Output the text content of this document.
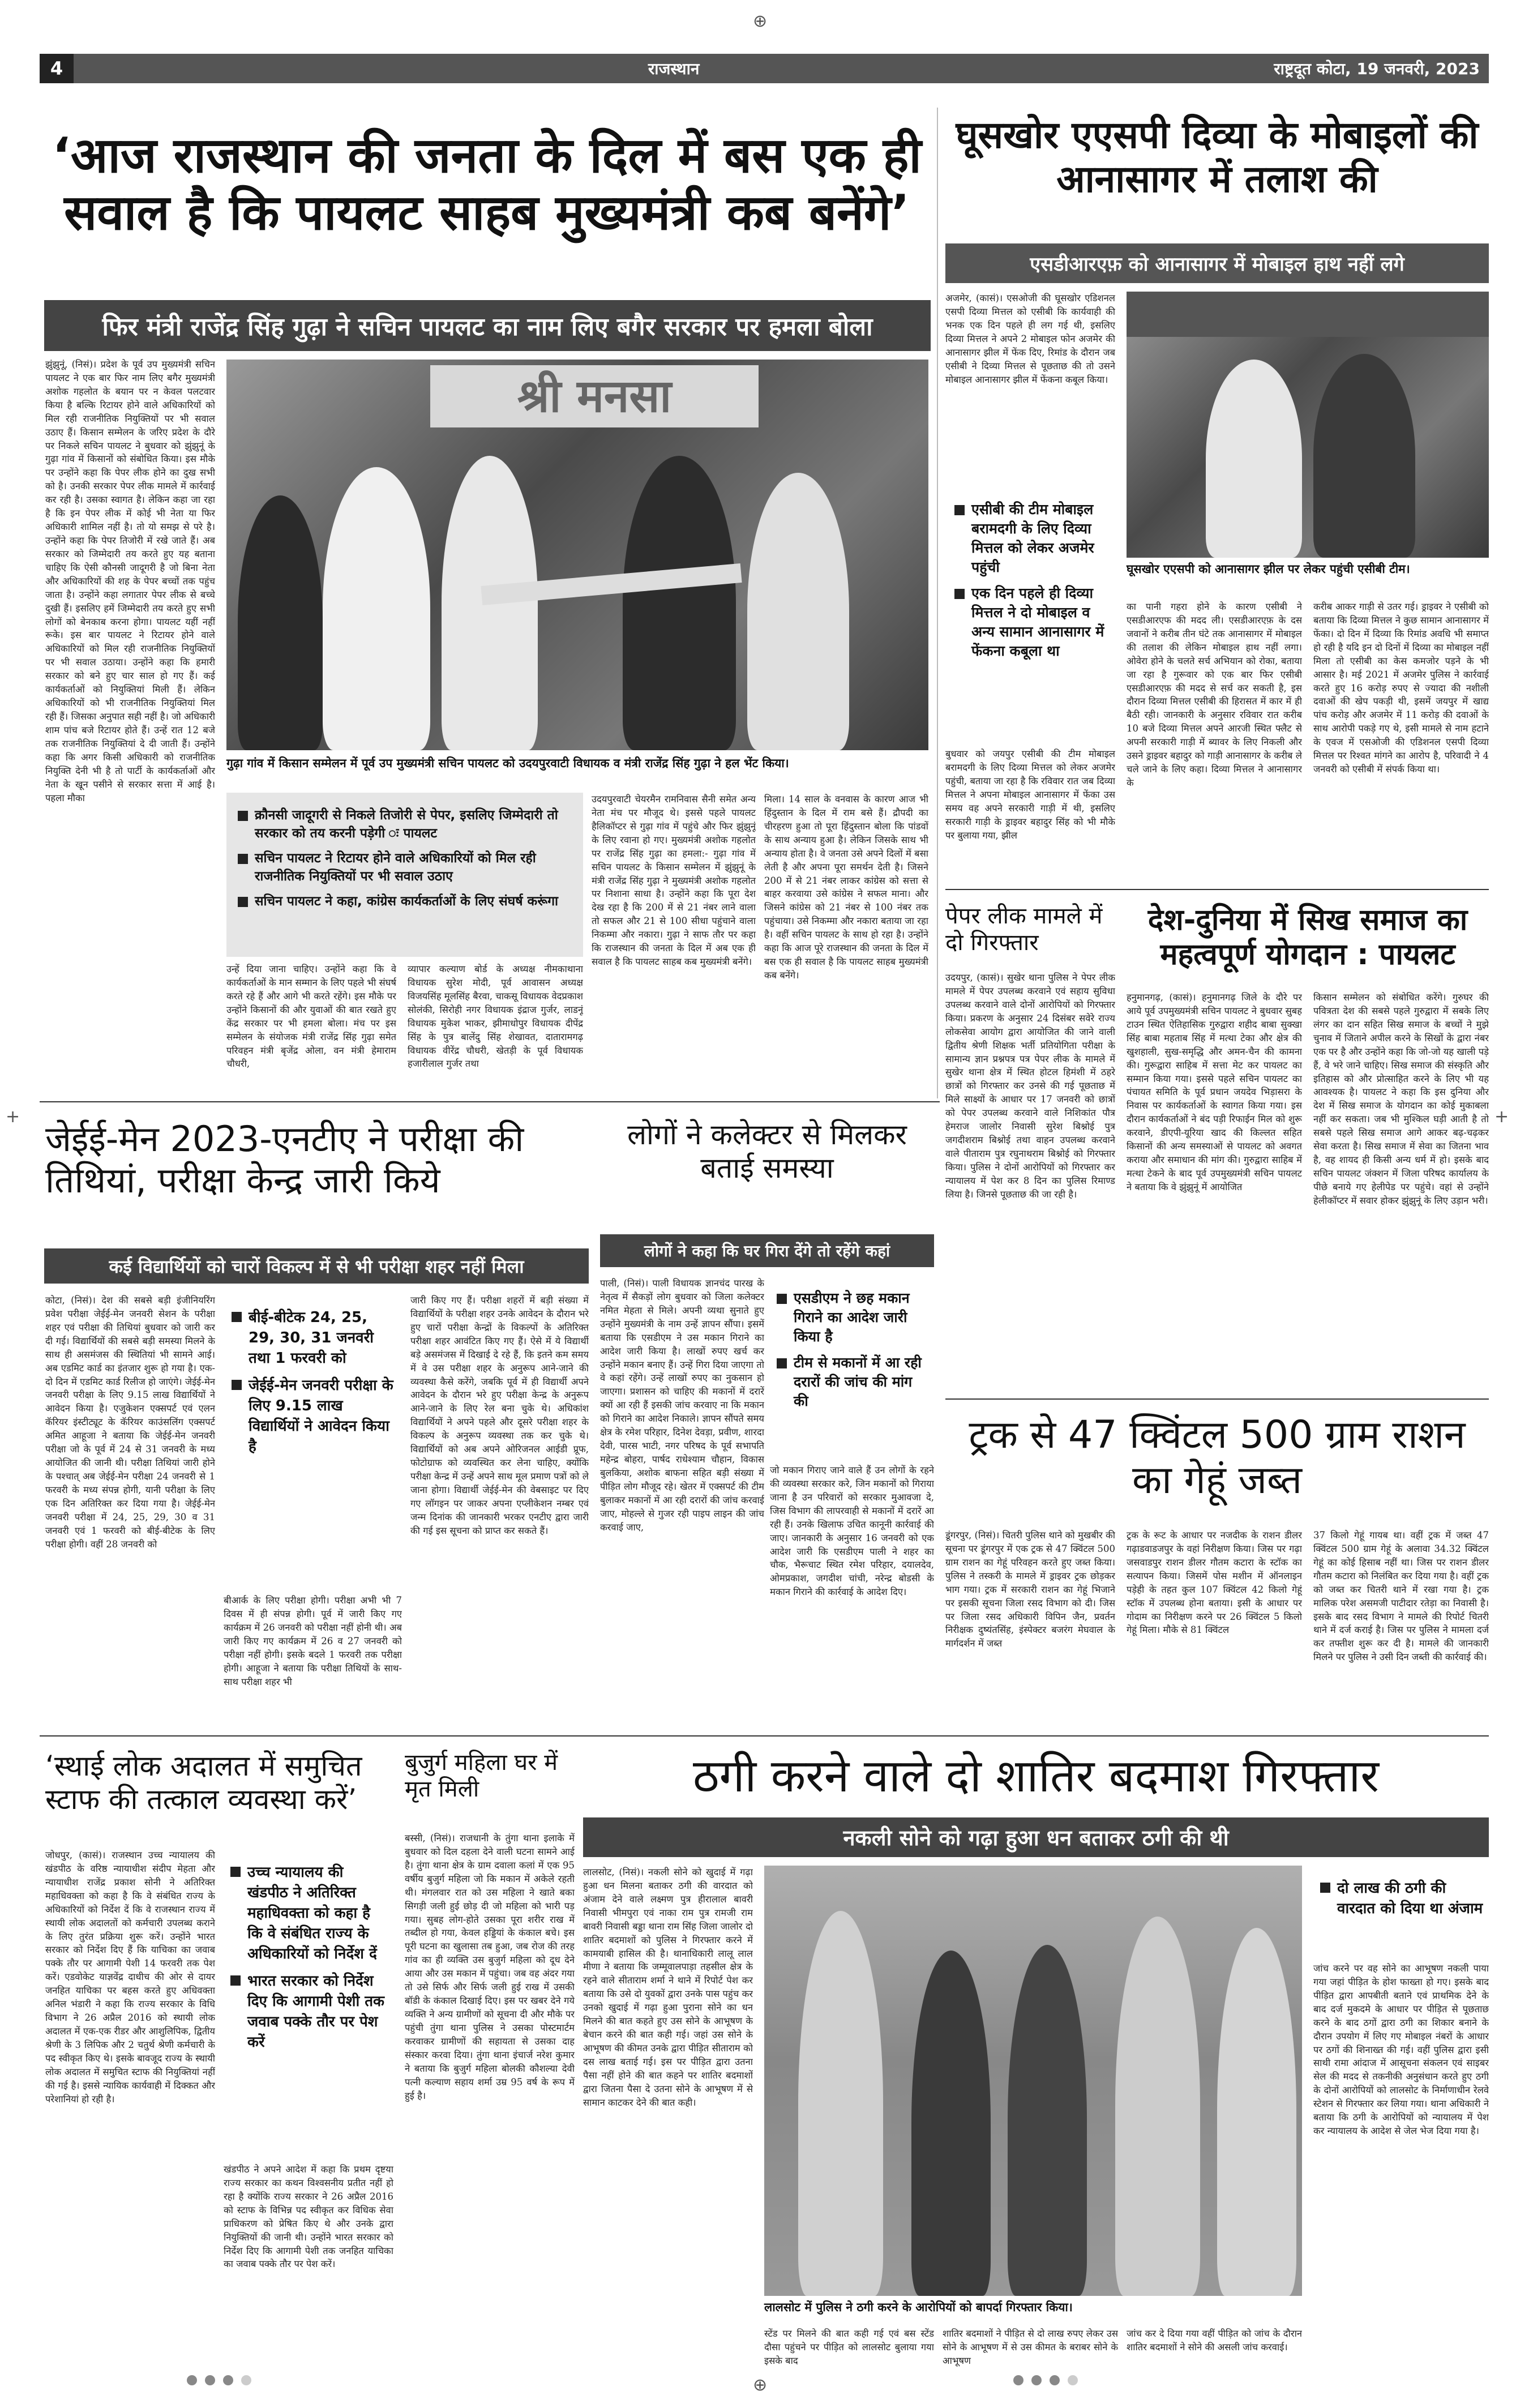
⊕
⊕
+	+
4	राजस्थान	राष्ट्रदूत कोटा, 19 जनवरी, 2023
‘आज राजस्थान की जनता के दिल में बस एक ही सवाल है कि पायलट साहब मुख्यमंत्री कब बनेंगे’
फिर मंत्री राजेंद्र सिंह गुढ़ा ने सचिन पायलट का नाम लिए बगैर सरकार पर हमला बोला
झुंझुनूं, (निसं)। प्रदेश के पूर्व उप मुख्यमंत्री सचिन पायलट ने एक बार फिर नाम लिए बगैर मुख्यमंत्री अशोक गहलोत के बयान पर न केवल पलटवार किया है बल्कि रिटायर होने वाले अधिकारियों को मिल रही राजनीतिक नियुक्तियों पर भी सवाल उठाए हैं। किसान सम्मेलन के जरिए प्रदेश के दौरे पर निकले सचिन पायलट ने बुधवार को झुंझुनूं के गुढ़ा गांव में किसानों को संबोधित किया। इस मौके पर उन्होंने कहा कि पेपर लीक होने का दुख सभी को है। उनकी सरकार पेपर लीक मामले में कार्रवाई कर रही है। उसका स्वागत है। लेकिन कहा जा रहा है कि इन पेपर लीक में कोई भी नेता या फिर अधिकारी शामिल नहीं है। तो यो समझ से परे है। उन्होंने कहा कि पेपर तिजोरी में रखे जाते हैं। अब सरकार को जिम्मेदारी तय करते हुए यह बताना चाहिए कि ऐसी कौनसी जादूगरी है जो बिना नेता और अधिकारियों की शह के पेपर बच्चों तक पहुंच जाता है। उन्होंने कहा लगातार पेपर लीक से बच्चे दुखी हैं। इसलिए हमें जिम्मेदारी तय करते हुए सभी लोगों को बेनकाब करना होगा। पायलट यहीं नहीं रूके। इस बार पायलट ने रिटायर होने वाले अधिकारियों को मिल रही राजनीतिक नियुक्तियों पर भी सवाल उठाया। उन्होंने कहा कि हमारी सरकार को बने हुए चार साल हो गए हैं। कई कार्यकर्ताओं को नियुक्तियां मिली हैं। लेकिन अधिकारियों को भी राजनीतिक नियुक्तियां मिल रही हैं। जिसका अनुपात सही नहीं है। जो अधिकारी शाम पांच बजे रिटायर होते हैं। उन्हें रात 12 बजे तक राजनीतिक नियुक्तियां दे दी जाती हैं। उन्होंने कहा कि अगर किसी अधिकारी को राजनीतिक नियुक्ति देनी भी है तो पार्टी के कार्यकर्ताओं और नेता के खून पसीने से सरकार सत्ता में आई है। पहला मौका
श्री मनसा
गुढ़ा गांव में किसान सम्मेलन में पूर्व उप मुख्यमंत्री सचिन पायलट को उदयपुरवाटी विधायक व मंत्री राजेंद्र सिंह गुढ़ा ने हल भेंट किया।
क्रौनसी जादूगरी से निकले तिजोरी से पेपर, इसलिए जिम्मेदारी तो सरकार को तय करनी पड़ेगी ः पायलट
सचिन पायलट ने रिटायर होने वाले अधिकारियों को मिल रही राजनीतिक नियुक्तियों पर भी सवाल उठाए
सचिन पायलट ने कहा, कांग्रेस कार्यकर्ताओं के लिए संघर्ष करूंगा
उन्हें दिया जाना चाहिए। उन्होंने कहा कि वे कार्यकर्ताओं के मान सम्मान के लिए पहले भी संघर्ष करते रहे हैं और आगे भी करते रहेंगे। इस मौके पर उन्होंने किसानों की और युवाओं की बात रखते हुए केंद्र सरकार पर भी हमला बोला। मंच पर इस सम्मेलन के संयोजक मंत्री राजेंद्र सिंह गुढ़ा समेत परिवहन मंत्री बृजेंद्र ओला, वन मंत्री हेमाराम चौधरी,
व्यापार कल्याण बोर्ड के अध्यक्ष नीमकाथाना विधायक सुरेश मोदी, पूर्व आवासन अध्यक्ष विजयसिंह मूलसिंह बैरवा, चाकसू विधायक वेदप्रकाश सोलंकी, सिरोही नगर विधायक इंद्राज गुर्जर, लाडनूं विधायक मुकेश भाकर, झीमाधोपुर विधायक दीपेंद्र सिंह के पुत्र बालेंदु सिंह शेखावत, दातारामगढ़ विधायक वीरेंद्र चौधरी, खेतड़ी के पूर्व विधायक हजारीलाल गुर्जर तथा
उदयपुरवाटी चेयरमैन रामनिवास सैनी समेत अन्य नेता मंच पर मौजूद थे। इससे पहले पायलट हैलिकॉप्टर से गुढ़ा गांव में पहुंचे और फिर झुंझुनूं के लिए रवाना हो गए। मुख्यमंत्री अशोक गहलोत पर राजेंद्र सिंह गुढ़ा का हमला:- गुढ़ा गांव में सचिन पायलट के किसान सम्मेलन में झुंझुनूं के मंत्री राजेंद्र सिंह गुढ़ा ने मुख्यमंत्री अशोक गहलोत पर निशाना साधा है। उन्होंने कहा कि पूरा देश देख रहा है कि 200 में से 21 नंबर लाने वाला तो सफल और 21 से 100 सीधा पहुंचाने वाला निकम्मा और नकारा। गुढ़ा ने साफ तौर पर कहा कि राजस्थान की जनता के दिल में अब एक ही सवाल है कि पायलट साहब कब मुख्यमंत्री बनेंगे।
मिला। 14 साल के वनवास के कारण आज भी हिंदुस्तान के दिल में राम बसे हैं। द्रौपदी का चीरहरण हुआ तो पूरा हिंदुस्तान बोला कि पांडवों के साथ अन्याय हुआ है। लेकिन जिसके साथ भी अन्याय होता है। वे जनता उसे अपने दिलों में बसा लेती है और अपना पूरा समर्थन देती है। जिसने 200 में से 21 नंबर लाकर कांग्रेस को सत्ता से बाहर करवाया उसे कांग्रेस ने सफल माना। और जिसने कांग्रेस को 21 नंबर से 100 नंबर तक पहुंचाया। उसे निकम्मा और नकारा बताया जा रहा है। वहीं सचिन पायलट के साथ हो रहा है। उन्होंने कहा कि आज पूरे राजस्थान की जनता के दिल में बस एक ही सवाल है कि पायलट साहब मुख्यमंत्री कब बनेंगे।
घूसखोर एएसपी दिव्या के मोबाइलों की आनासागर में तलाश की
एसडीआरएफ़ को आनासागर में मोबाइल हाथ नहीं लगे
अजमेर, (कासं)। एसओजी की घूसखोर एडिशनल एसपी दिव्या मित्तल को एसीबी कि कार्यवाही की भनक एक दिन पहले ही लग गई थी, इसलिए दिव्या मित्तल ने अपने 2 मोबाइल फोन अजमेर की आनासागर झील में फेंक दिए, रिमांड के दौरान जब एसीबी ने दिव्या मित्तल से पूछताछ की तो उसने मोबाइल आनासागर झील में फेंकना कबूल किया।
घूसखोर एएसपी को आनासागर झील पर लेकर पहुंची एसीबी टीम।
एसीबी की टीम मोबाइल बरामदगी के लिए दिव्या मित्तल को लेकर अजमेर पहुंची
एक दिन पहले ही दिव्या मित्तल ने दो मोबाइल व अन्य सामान आनासागर में फेंकना कबूला था
बुधवार को जयपुर एसीबी की टीम मोबाइल बरामदगी के लिए दिव्या मित्तल को लेकर अजमेर पहुंची, बताया जा रहा है कि रविवार रात जब दिव्या मित्तल ने अपना मोबाइल आनासागर में फेंका उस समय वह अपने सरकारी गाड़ी में थी, इसलिए सरकारी गाड़ी के ड्राइवर बहादुर सिंह को भी मौके पर बुलाया गया, झील
का पानी गहरा होने के कारण एसीबी ने एसडीआरएफ की मदद ली। एसडीआरएफ़ के दस जवानों ने करीब तीन घंटे तक आनासागर में मोबाइल की तलाश की लेकिन मोबाइल हाथ नहीं लगा। ओवेरा होने के चलते सर्च अभियान को रोका, बताया जा रहा है गुरूवार को एक बार फिर एसीबी एसडीआरएफ़ की मदद से सर्च कर सकती है, इस दौरान दिव्या मित्तल एसीबी की हिरासत में कार में ही बैठी रही। जानकारी के अनुसार रविवार रात करीब 10 बजे दिव्या मित्तल अपने आरजी स्थित फ्लैट से अपनी सरकारी गाड़ी में ब्यावर के लिए निकली और उसने ड्राइवर बहादुर को गाड़ी आनासागर के करीब ले चले जाने के लिए कहा। दिव्या मित्तल ने आनासागर के
करीब आकर गाड़ी से उतर गई। ड्राइवर ने एसीबी को बताया कि दिव्या मित्तल ने कुछ सामान आनासागर में फेंका। दो दिन में दिव्या कि रिमांड अवधि भी समाप्त हो रही है यदि इन दो दिनों में दिव्या का मोबाइल नहीं मिला तो एसीबी का केस कमजोर पड़ने के भी आसार है। मई 2021 में अजमेर पुलिस ने कार्रवाई करते हुए 16 करोड़ रुपए से ज्यादा की नशीली दवाओं की खेप पकड़ी थी, इसमें जयपुर में खाद्य पांच करोड़ और अजमेर में 11 करोड़ की दवाओं के साथ आरोपी पकड़े गए थे, इसी मामले से नाम हटाने के एवज में एसओजी की एडिशनल एसपी दिव्या मित्तल पर रिश्वत मांगने का आरोप है, परिवादी ने 4 जनवरी को एसीबी में संपर्क किया था।
पेपर लीक मामले में दो गिरफ्तार
उदयपुर, (कासं)। सुखेर थाना पुलिस ने पेपर लीक मामले में पेपर उपलब्ध करवाने एवं सहाय सुविधा उपलब्ध करवाने वाले दोनों आरोपियों को गिरफ्तार किया। प्रकरण के अनुसार 24 दिसंबर सवेरे राज्य लोकसेवा आयोग द्वारा आयोजित की जाने वाली द्वितीय श्रेणी शिक्षक भर्ती प्रतियोगिता परीक्षा के सामान्य ज्ञान प्रश्नपत्र पत्र पेपर लीक के मामले में सुखेर थाना क्षेत्र में स्थित होटल हिमंशी में ठहरे छात्रों को गिरफ्तार कर उनसे की गई पूछताछ में मिले साक्ष्यों के आधार पर 17 जनवरी को छात्रों को पेपर उपलब्ध करवाने वाले निशिकांत पौत्र हेमराज जालोर निवासी सुरेश बिश्नोई पुत्र जगदीशराम बिश्नोई तथा वाहन उपलब्ध करवाने वाले पीताराम पुत्र रघुनाथराम बिश्नोई को गिरफ्तार किया। पुलिस ने दोनों आरोपियों को गिरफ्तार कर न्यायालय में पेश कर 8 दिन का पुलिस रिमाण्ड लिया है। जिनसे पूछताछ की जा रही है।
देश-दुनिया में सिख समाज का महत्वपूर्ण योगदान : पायलट
हनुमानगढ़, (कासं)। हनुमानगढ़ जिले के दौरे पर आये पूर्व उपमुख्यमंत्री सचिन पायलट ने बुधवार सुबह टाउन स्थित ऐतिहासिक गुरुद्वारा शहीद बाबा सुक्खा सिंह बाबा महताब सिंह में मत्था टेका और क्षेत्र की खुशहाली, सुख-समृद्धि और अमन-चैन की कामना की। गुरूद्वारा साहिब में सत्ता मेट कर पायलट का सम्मान किया गया। इससे पहले सचिन पायलट का पंचायत समिति के पूर्व प्रधान जयदेव भिड़ासरा के निवास पर कार्यकर्ताओं के स्वागत किया गया। इस दौरान कार्यकर्ताओं ने बंद पड़ी रिफाईन मिल को शुरू करवाने, डीएपी-यूरिया खाद की किल्लत सहित किसानों की अन्य समस्याओं से पायलट को अवगत कराया और समाधान की मांग की। गुरुद्वारा साहिब में मत्था टेकने के बाद पूर्व उपमुख्यमंत्री सचिन पायलट ने बताया कि वे झुंझुनूं में आयोजित
किसान सम्मेलन को संबोधित करेंगे। गुरुघर की पवित्रता देश की सबसे पहले गुरुद्वारा में सबके लिए लंगर का दान सहित सिख समाज के बच्चों ने मुझे चुनाव में जिताने अपील करने के सिखों के द्वारा नंबर एक पर है और उन्होंने कहा कि जो-जो यह खाली पड़े हैं, वे भरे जाने चाहिए। सिख समाज की संस्कृति और इतिहास को और प्रोत्साहित करने के लिए भी यह आवश्यक है। पायलट ने कहा कि इस दुनिया और देश में सिख समाज के योगदान का कोई मुकाबला नहीं कर सकता। जब भी मुश्किल घड़ी आती है तो सबसे पहले सिख समाज आगे आकर बढ़-चढ़कर सेवा करता है। सिख समाज में सेवा का जितना भाव है, वह शायद ही किसी अन्य धर्म में हो। इसके बाद सचिन पायलट जंक्शन में जिला परिषद कार्यालय के पीछे बनाये गए हेलीपेड पर पहुंचे। वहां से उन्होंने हेलीकॉप्टर में सवार होकर झुंझुनूं के लिए उड़ान भरी।
जेईई-मेन 2023-एनटीए ने परीक्षा की तिथियां, परीक्षा केन्द्र जारी किये
कई विद्यार्थियों को चारों विकल्प में से भी परीक्षा शहर नहीं मिला
कोटा, (निसं)। देश की सबसे बड़ी इंजीनियरिंग प्रवेश परीक्षा जेईई-मेन जनवरी सेशन के परीक्षा शहर एवं परीक्षा की तिथियां बुधवार को जारी कर दी गई। विद्यार्थियों की सबसे बड़ी समस्या मिलने के साथ ही असमंजस की स्थितियां भी सामने आई। अब एडमिट कार्ड का इंतजार शुरू हो गया है। एक-दो दिन में एडमिट कार्ड रिलीज हो जाएंगे। जेईई-मेन जनवरी परीक्षा के लिए 9.15 लाख विद्यार्थियों ने आवेदन किया है। एजुकेशन एक्सपर्ट एवं एलन कॅरियर इंस्टीट्यूट के कॅरियर काउंसलिंग एक्सपर्ट अमित आहूजा ने बताया कि जेईई-मेन जनवरी परीक्षा जो के पूर्व में 24 से 31 जनवरी के मध्य आयोजित की जानी थी। परीक्षा तिथियां जारी होने के पश्चात् अब जेईई-मेन परीक्षा 24 जनवरी से 1 फरवरी के मध्य संपन्न होगी, यानी परीक्षा के लिए एक दिन अतिरिक्त कर दिया गया है। जेईई-मेन जनवरी परीक्षा में 24, 25, 29, 30 व 31 जनवरी एवं 1 फरवरी को बीई-बीटेक के लिए परीक्षा होगी। वहीं 28 जनवरी को
बीई-बीटेक 24, 25, 29, 30, 31 जनवरी तथा 1 फरवरी को
जेईई-मेन जनवरी परीक्षा के लिए 9.15 लाख विद्यार्थियों ने आवेदन किया है
बीआर्क के लिए परीक्षा होगी। परीक्षा अभी भी 7 दिवस में ही संपन्न होगी। पूर्व में जारी किए गए कार्यक्रम में 26 जनवरी को परीक्षा नहीं होनी थी। अब जारी किए गए कार्यक्रम में 26 व 27 जनवरी को परीक्षा नहीं होगी। इसके बदले 1 फरवरी तक परीक्षा होगी। आहूजा ने बताया कि परीक्षा तिथियों के साथ-साथ परीक्षा शहर भी
जारी किए गए हैं। परीक्षा शहरों में बड़ी संख्या में विद्यार्थियों के परीक्षा शहर उनके आवेदन के दौरान भरे हुए चारों परीक्षा केन्द्रों के विकल्पों के अतिरिक्त परीक्षा शहर आवंटित किए गए हैं। ऐसे में ये विद्यार्थी बड़े असमंजस में दिखाई दे रहे हैं, कि इतने कम समय में वे उस परीक्षा शहर के अनुरूप आने-जाने की व्यवस्था कैसे करेंगे, जबकि पूर्व में ही विद्यार्थी अपने आवेदन के दौरान भरे हुए परीक्षा केन्द्र के अनुरूप आने-जाने के लिए रेल बना चुके थे। अधिकांश विद्यार्थियों ने अपने पहले और दूसरे परीक्षा शहर के विकल्प के अनुरूप व्यवस्था तक कर चुके थे। विद्यार्थियों को अब अपने ओरिजनल आईडी प्रूफ, फोटोग्राफ को व्यवस्थित कर लेना चाहिए, क्योंकि परीक्षा केन्द्र में उन्हें अपने साथ मूल प्रमाण पत्रों को ले जाना होगा। विद्यार्थी जेईई-मेन की वेबसाइट पर दिए गए लॉगइन पर जाकर अपना एप्लीकेशन नम्बर एवं जन्म दिनांक की जानकारी भरकर एनटीए द्वारा जारी की गई इस सूचना को प्राप्त कर सकते हैं।
लोगों ने कलेक्टर से मिलकर बताई समस्या
लोगों ने कहा कि घर गिरा देंगे तो रहेंगे कहां
पाली, (निसं)। पाली विधायक ज्ञानचंद पारख के नेतृत्व में सैकड़ों लोग बुधवार को जिला कलेक्टर नमित मेहता से मिले। अपनी व्यथा सुनाते हुए उन्होंने मुख्यमंत्री के नाम उन्हें ज्ञापन सौंपा। इसमें बताया कि एसडीएम ने उस मकान गिराने का आदेश जारी किया है। लाखों रुपए खर्च कर उन्होंने मकान बनाए हैं। उन्हें गिरा दिया जाएगा तो वे कहां रहेंगे। उन्हें लाखों रुपए का नुकसान हो जाएगा। प्रशासन को चाहिए की मकानों में दरारें क्यों आ रही हैं इसकी जांच करवाए ना कि मकान को गिराने का आदेश निकाले। ज्ञापन सौंपते समय क्षेत्र के रमेश परिहार, दिनेश देवड़ा, प्रवीण, शारदा देवी, पारस भाटी, नगर परिषद के पूर्व सभापति महेन्द्र बोहरा, पार्षद राधेश्याम चौहान, विकास बुलकिया, अशोक बाफना सहित बड़ी संख्या में पीड़ित लोग मौजूद रहे। खेतर में एक्सपर्ट की टीम बुलाकर मकानों में आ रही दरारों की जांच करवाई जाए, मोहल्ले से गुजर रही पाइप लाइन की जांच करवाई जाए,
एसडीएम ने छह मकान गिराने का आदेश जारी किया है
टीम से मकानों में आ रही दरारों की जांच की मांग की
जो मकान गिराए जाने वाले हैं उन लोगों के रहने की व्यवस्था सरकार करे, जिन मकानों को गिराया जाना है उन परिवारों को सरकार मुआवजा दे, जिस विभाग की लापरवाही से मकानों में दरारें आ रही हैं। उनके खिलाफ उचित कानूनी कार्रवाई की जाए। जानकारी के अनुसार 16 जनवरी को एक आदेश जारी कि एसडीएम पाली ने शहर का चौक, भैरूचाट स्थित रमेश परिहार, दयालदेव, ओमप्रकाश, जगदीश चांची, नरेन्द्र बोडसी के मकान गिराने की कार्रवाई के आदेश दिए।
ट्रक से 47 क्विंटल 500 ग्राम राशन का गेहूं जब्त
डूंगरपुर, (निसं)। चितरी पुलिस थाने को मुखबीर की सूचना पर डूंगरपुर में एक ट्रक से 47 क्विंटल 500 ग्राम राशन का गेहूं परिवहन करते हुए जब्त किया। पुलिस ने तस्करी के मामले में ड्राइवर ट्रक छोड़कर भाग गया। ट्रक में सरकारी राशन का गेहूं भिजाने पर इसकी सूचना जिला रसद विभाग को दी। जिस पर जिला रसद अधिकारी विपिन जैन, प्रवर्तन निरीक्षक दुष्यंतसिंह, इंस्पेक्टर बजरंग मेघवाल के मार्गदर्शन में जब्त
ट्रक के रूट के आधार पर नजदीक के राशन डीलर गढ़ाडवाडजपुर के वहां निरीक्षण किया। जिस पर गढ़ा जसवाडपुर राशन डीलर गौतम कटारा के स्टॉक का सत्यापन किया। जिसमें पोस मशीन में ऑनलाइन पड़ेही के तहत कुल 107 क्विंटल 42 किलो गेहूं स्टॉक में उपलब्ध होना बताया। इसी के आधार पर गोदाम का निरीक्षण करने पर 26 क्विंटल 5 किलो गेहूं मिला। मौके से 81 क्विंटल
37 किलो गेहूं गायब था। वहीं ट्रक में जब्त 47 क्विंटल 500 ग्राम गेहूं के अलावा 34.32 क्विंटल गेहूं का कोई हिसाब नहीं था। जिस पर राशन डीलर गौतम कटारा को निलंबित कर दिया गया है। वहीं ट्रक को जब्त कर चितरी थाने में रखा गया है। ट्रक मालिक परेश असमजी पाटीदार रतेड़ा का निवासी है। इसके बाद रसद विभाग ने मामले की रिपोर्ट चितरी थाने में दर्ज कराई है। जिस पर पुलिस ने मामला दर्ज कर तफ्तीश शुरू कर दी है। मामले की जानकारी मिलने पर पुलिस ने उसी दिन जब्ती की कार्रवाई की।
‘स्थाई लोक अदालत में समुचित स्टाफ की तत्काल व्यवस्था करें’
जोधपुर, (कासं)। राजस्थान उच्च न्यायालय की खंडपीठ के वरिष्ठ न्यायाधीश संदीप मेहता और न्यायाधीश राजेंद्र प्रकाश सोनी ने अतिरिक्त महाधिवक्ता को कहा है कि वे संबंधित राज्य के अधिकारियों को निर्देश दें कि वे राजस्थान राज्य में स्थायी लोक अदालतों को कर्मचारी उपलब्ध कराने के लिए तुरंत प्रक्रिया शुरू करें। उन्होंने भारत सरकार को निर्देश दिए हैं कि याचिका का जवाब पक्के तौर पर आगामी पेशी 14 फरवरी तक पेश करें। एडवोकेट याज्ञवेंद्र दाधीच की ओर से दायर जनहित याचिका पर बहस करते हुए अधिवक्ता अनिल भंडारी ने कहा कि राज्य सरकार के विधि विभाग ने 26 अप्रैल 2016 को स्थायी लोक अदालत में एक-एक रीडर और आशुलिपिक, द्वितीय श्रेणी के 3 लिपिक और 2 चतुर्थ श्रेणी कर्मचारी के पद स्वीकृत किए थे। इसके बावजूद राज्य के स्थायी लोक अदालत में समुचित स्टाफ की नियुक्तियां नहीं की गई है। इससे न्यायिक कार्यवाही में दिक्कत और परेशानियां हो रही है।
उच्च न्यायालय की खंडपीठ ने अतिरिक्त महाधिवक्ता को कहा है कि वे संबंधित राज्य के अधिकारियों को निर्देश दें
भारत सरकार को निर्देश दिए कि आगामी पेशी तक जवाब पक्के तौर पर पेश करें
खंडपीठ ने अपने आदेश में कहा कि प्रथम दृष्टया राज्य सरकार का कथन विश्वसनीय प्रतीत नहीं हो रहा है क्योंकि राज्य सरकार ने 26 अप्रैल 2016 को स्टाफ के विभिन्न पद स्वीकृत कर विधिक सेवा प्राधिकरण को प्रेषित किए थे और उनके द्वारा नियुक्तियों की जानी थी। उन्होंने भारत सरकार को निर्देश दिए कि आगामी पेशी तक जनहित याचिका का जवाब पक्के तौर पर पेश करें।
बुजुर्ग महिला घर में मृत मिली
बस्सी, (निसं)। राजधानी के तुंगा थाना इलाके में बुधवार को दिल दहला देने वाली घटना सामने आई है। तुंगा थाना क्षेत्र के ग्राम दवाला कलां में एक 95 वर्षीय बुजुर्ग महिला जो कि मकान में अकेले रहती थी। मंगलवार रात को उस महिला ने खाते बका सिगड़ी जली हुई छोड़ दी जो महिला को भारी पड़ गया। सुबह लोग-होते उसका पूरा शरीर राख में तब्दील हो गया, केवल हड्डियां के कंकाल बचे। इस पूरी घटना का खुलासा तब हुआ, जब रोज की तरह गांव का ही व्यक्ति उस बुजुर्ग महिला को दूध देने आया और उस मकान में पहुंचा। जब वह अंदर गया तो उसे सिर्फ और सिर्फ जली हुई राख में उसकी बॉडी के कंकाल दिखाई दिए। इस पर खबर देने गये व्यक्ति ने अन्य ग्रामीणों को सूचना दी और मौके पर पहुंची तुंगा थाना पुलिस ने उसका पोस्टमार्टम करवाकर ग्रामीणों की सहायता से उसका दाह संस्कार करवा दिया। तुंगा थाना इंचार्ज नरेश कुमार ने बताया कि बुजुर्ग महिला बोलकी कौशल्या देवी पत्नी कल्याण सहाय शर्मा उम्र 95 वर्ष के रूप में हुई है।
ठगी करने वाले दो शातिर बदमाश गिरफ्तार
नकली सोने को गढ़ा हुआ धन बताकर ठगी की थी
लालसोट, (निसं)। नकली सोने को खुदाई में गढ़ा हुआ धन मिलना बताकर ठगी की वारदात को अंजाम देने वाले लक्ष्मण पुत्र हीरालाल बावरी निवासी भीमपुरा एवं नाका राम पुत्र रामजी राम बावरी निवासी बड्डा थाना राम सिंह जिला जालोर दो शातिर बदमाशों को पुलिस ने गिरफ्तार करने में कामयाबी हासिल की है। थानाधिकारी लालू लाल मीणा ने बताया कि जम्मूवालपाड़ा तहसील क्षेत्र के रहने वाले सीताराम शर्मा ने थाने में रिपोर्ट पेश कर बताया कि उसे दो युवकों द्वारा उनके पास पहुंच कर उनको खुदाई में गढ़ा हुआ पुराना सोने का धन मिलने की बात कहते हुए उस सोने के आभूषण के बेचान करने की बात कही गई। जहां उस सोने के आभूषण की कीमत उनके द्वारा पीड़ित सीताराम को दस लाख बताई गई। इस पर पीड़ित द्वारा उतना पैसा नहीं होने की बात कहने पर शातिर बदमाशों द्वारा जितना पैसा दे उतना सोने के आभूषण में से सामान काटकर देने की बात कही।
लालसोट में पुलिस ने ठगी करने के आरोपियों को बापर्दा गिरफ्तार किया।
दो लाख की ठगी की वारदात को दिया था अंजाम
जांच करने पर वह सोने का आभूषण नकली पाया गया जहां पीड़ित के होश फाख्ता हो गए। इसके बाद पीड़ित द्वारा आपबीती बताने एवं प्राथमिक देने के बाद दर्ज मुकदमे के आधार पर पीड़ित से पूछताछ करने के बाद ठगों द्वारा ठगी का शिकार बनाने के दौरान उपयोग में लिए गए मोबाइल नंबरों के आधार पर ठगों की शिनाख्त की गई। वहीं पुलिस द्वारा इसी साथी रामा आंदाज में आसूचना संकलन एवं साइबर सेल की मदद से तकनीकी अनुसंधान करते हुए ठगी के दोनों आरोपियों को लालसोट के निर्माणाधीन रेलवे स्टेशन से गिरफ्तार कर लिया गया। थाना अधिकारी ने बताया कि ठगी के आरोपियों को न्यायालय में पेश कर न्यायालय के आदेश से जेल भेज दिया गया है।
स्टेंड पर मिलने की बात कही गई एवं बस स्टेंड दौसा पहुंचने पर पीड़ित को लालसोट बुलाया गया इसके बाद
शातिर बदमाशों ने पीड़ित से दो लाख रुपए लेकर उस सोने के आभूषण में से उस कीमत के बराबर सोने के आभूषण
जांच कर दे दिया गया वहीं पीड़ित को जांच के दौरान शातिर बदमाशों ने सोने की असली जांच करवाई।
